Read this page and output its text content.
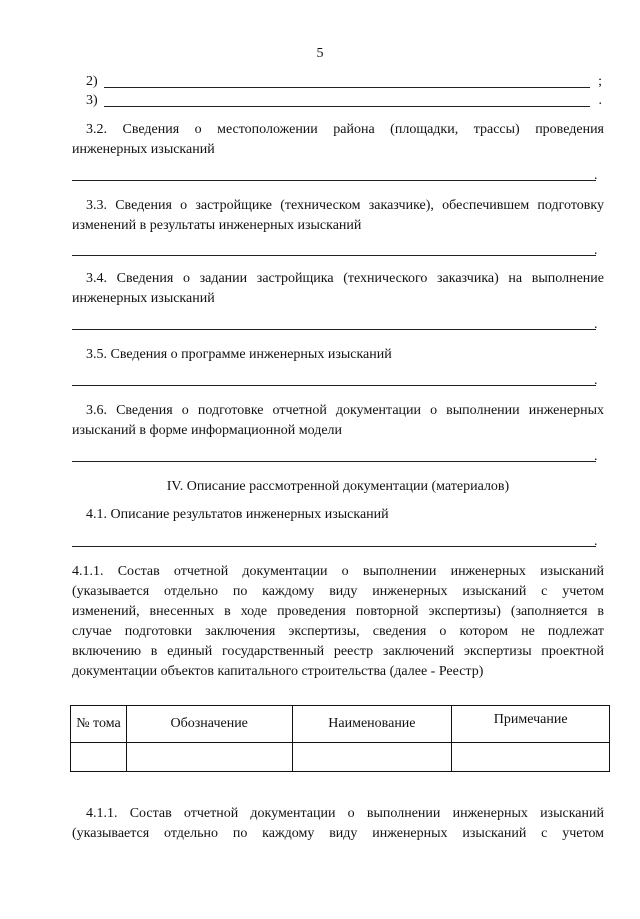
5
2)	;
3)	.
3.2. Сведения о местоположении района (площадки, трассы) проведения
инженерных изысканий
.
3.3. Сведения о застройщике (техническом заказчике), обеспечившем подготовку
изменений в результаты инженерных изысканий
.
3.4. Сведения о задании застройщика (технического заказчика) на выполнение
инженерных изысканий
.
3.5. Сведения о программе инженерных изысканий
.
3.6. Сведения о подготовке отчетной документации о выполнении инженерных
изысканий в форме информационной модели
.
IV. Описание рассмотренной документации (материалов)
4.1. Описание результатов инженерных изысканий
.
4.1.1. Состав отчетной документации о выполнении инженерных изысканий
(указывается отдельно по каждому виду инженерных изысканий с учетом
изменений, внесенных в ходе проведения повторной экспертизы) (заполняется в
случае подготовки заключения экспертизы, сведения о котором не подлежат
включению в единый государственный реестр заключений экспертизы проектной
документации объектов капитального строительства (далее - Реестр)
№ тома	Обозначение	Наименование	Примечание

4.1.1. Состав отчетной документации о выполнении инженерных изысканий
(указывается отдельно по каждому виду инженерных изысканий с учетом
